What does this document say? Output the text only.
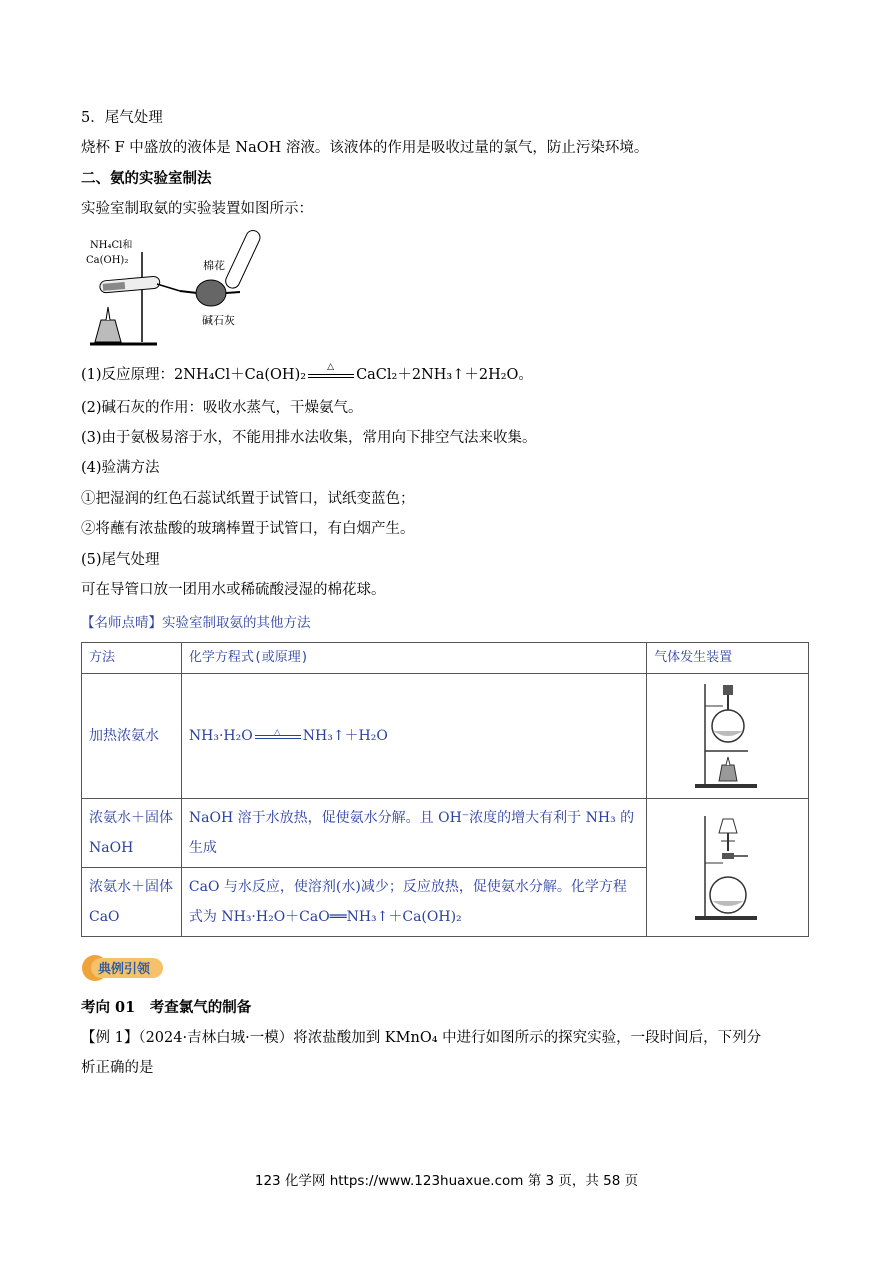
5．尾气处理
烧杯 F 中盛放的液体是 NaOH 溶液。该液体的作用是吸收过量的氯气，防止污染环境。
二、氨的实验室制法
实验室制取氨的实验装置如图所示：
NH₄Cl和
Ca(OH)₂
碱石灰
棉花
(1)反应原理：2NH₄Cl＋Ca(OH)₂ △ CaCl₂＋2NH₃↑＋2H₂O。
(2)碱石灰的作用：吸收水蒸气，干燥氨气。
(3)由于氨极易溶于水，不能用排水法收集，常用向下排空气法来收集。
(4)验满方法
①把湿润的红色石蕊试纸置于试管口，试纸变蓝色；
②将蘸有浓盐酸的玻璃棒置于试管口，有白烟产生。
(5)尾气处理
可在导管口放一团用水或稀硫酸浸湿的棉花球。
【名师点晴】实验室制取氨的其他方法
方法	化学方程式(或原理)	气体发生装置
加热浓氨水	NH₃·H₂O △ NH₃↑＋H₂O	

浓氨水＋固体 NaOH	NaOH 溶于水放热，促使氨水分解。且 OH⁻浓度的增大有利于 NH₃ 的生成	

浓氨水＋固体 CaO	CaO 与水反应，使溶剂(水)减少；反应放热，促使氨水分解。化学方程式为 NH₃·H₂O＋CaO══NH₃↑＋Ca(OH)₂	
典例引领
考向 01　考查氯气的制备
【例 1】（2024·吉林白城·一模）将浓盐酸加到 KMnO₄ 中进行如图所示的探究实验，一段时间后，下列分
析正确的是
123 化学网 https://www.123huaxue.com 第 3 页，共 58 页
